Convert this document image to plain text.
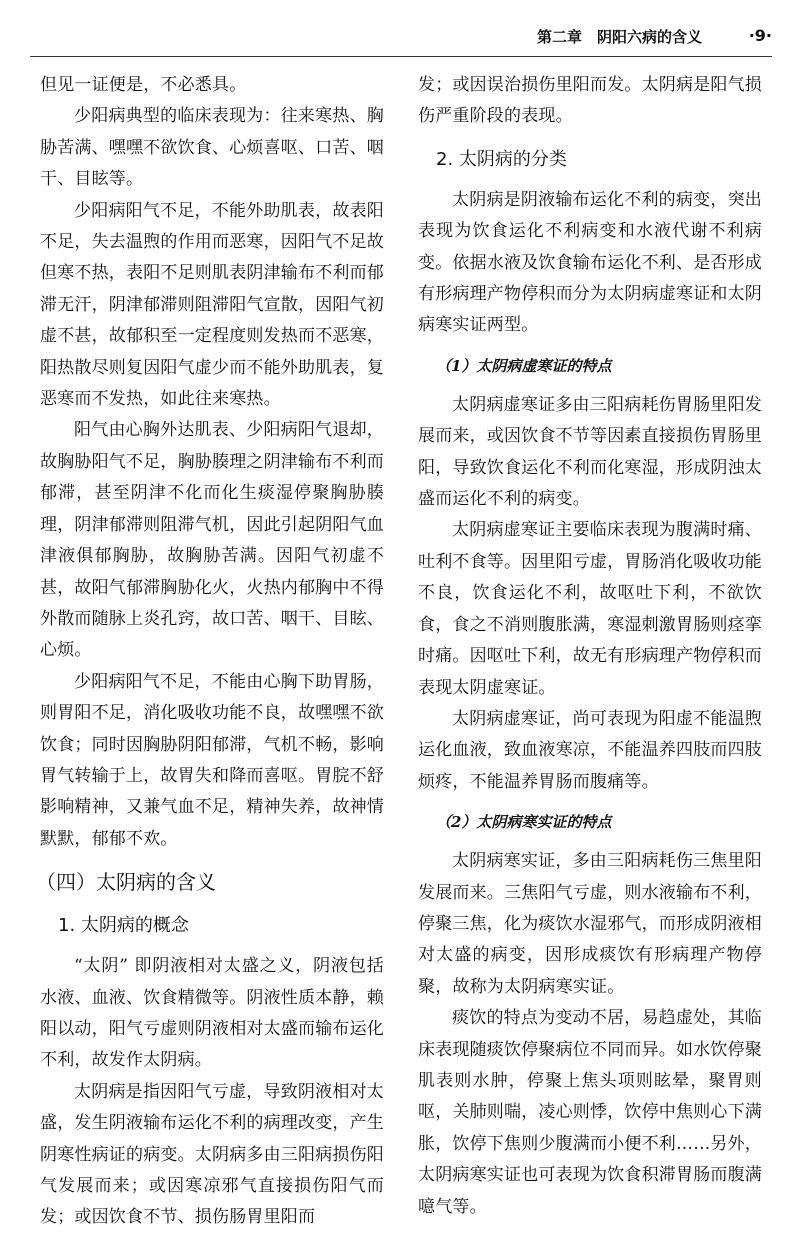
第二章　阴阳六病的含义	·9·

但见一证便是，不必悉具。

少阳病典型的临床表现为：往来寒热、胸胁苦满、嘿嘿不欲饮食、心烦喜呕、口苦、咽干、目眩等。

少阳病阳气不足，不能外助肌表，故表阳不足，失去温煦的作用而恶寒，因阳气不足故但寒不热，表阳不足则肌表阴津输布不利而郁滞无汗，阴津郁滞则阻滞阳气宣散，因阳气初虚不甚，故郁积至一定程度则发热而不恶寒，阳热散尽则复因阳气虚少而不能外助肌表，复恶寒而不发热，如此往来寒热。

阳气由心胸外达肌表、少阳病阳气退却，故胸胁阳气不足，胸胁腠理之阴津输布不利而郁滞，甚至阴津不化而化生痰湿停聚胸胁腠理，阴津郁滞则阻滞气机，因此引起阴阳气血津液俱郁胸胁，故胸胁苦满。因阳气初虚不甚，故阳气郁滞胸胁化火，火热内郁胸中不得外散而随脉上炎孔窍，故口苦、咽干、目眩、心烦。

少阳病阳气不足，不能由心胸下助胃肠，则胃阳不足，消化吸收功能不良，故嘿嘿不欲饮食；同时因胸胁阴阳郁滞，气机不畅，影响胃气转输于上，故胃失和降而喜呕。胃脘不舒影响精神，又兼气血不足，精神失养，故神情默默，郁郁不欢。

（四）太阴病的含义
1. 太阴病的概念

“太阴” 即阴液相对太盛之义，阴液包括水液、血液、饮食精微等。阴液性质本静，赖阳以动，阳气亏虚则阴液相对太盛而输布运化不利，故发作太阴病。

太阴病是指因阳气亏虚，导致阴液相对太盛，发生阴液输布运化不利的病理改变，产生阴寒性病证的病变。太阴病多由三阳病损伤阳气发展而来；或因寒凉邪气直接损伤阳气而发；或因饮食不节、损伤肠胃里阳而

发；或因误治损伤里阳而发。太阴病是阳气损伤严重阶段的表现。

2. 太阴病的分类

太阴病是阴液输布运化不利的病变，突出表现为饮食运化不利病变和水液代谢不利病变。依据水液及饮食输布运化不利、是否形成有形病理产物停积而分为太阴病虚寒证和太阴病寒实证两型。

（1）太阴病虚寒证的特点

太阴病虚寒证多由三阳病耗伤胃肠里阳发展而来，或因饮食不节等因素直接损伤胃肠里阳，导致饮食运化不利而化寒湿，形成阴浊太盛而运化不利的病变。

太阴病虚寒证主要临床表现为腹满时痛、吐利不食等。因里阳亏虚，胃肠消化吸收功能不良，饮食运化不利，故呕吐下利，不欲饮食，食之不消则腹胀满，寒湿刺激胃肠则痉挛时痛。因呕吐下利，故无有形病理产物停积而表现太阴虚寒证。

太阴病虚寒证，尚可表现为阳虚不能温煦运化血液，致血液寒凉，不能温养四肢而四肢烦疼，不能温养胃肠而腹痛等。

（2）太阴病寒实证的特点

太阴病寒实证，多由三阳病耗伤三焦里阳发展而来。三焦阳气亏虚，则水液输布不利，停聚三焦，化为痰饮水湿邪气，而形成阴液相对太盛的病变，因形成痰饮有形病理产物停聚，故称为太阴病寒实证。

痰饮的特点为变动不居，易趋虚处，其临床表现随痰饮停聚病位不同而异。如水饮停聚肌表则水肿，停聚上焦头项则眩晕，聚胃则呕，关肺则喘，凌心则悸，饮停中焦则心下满胀，饮停下焦则少腹满而小便不利……另外，太阴病寒实证也可表现为饮食积滞胃肠而腹满噫气等。
